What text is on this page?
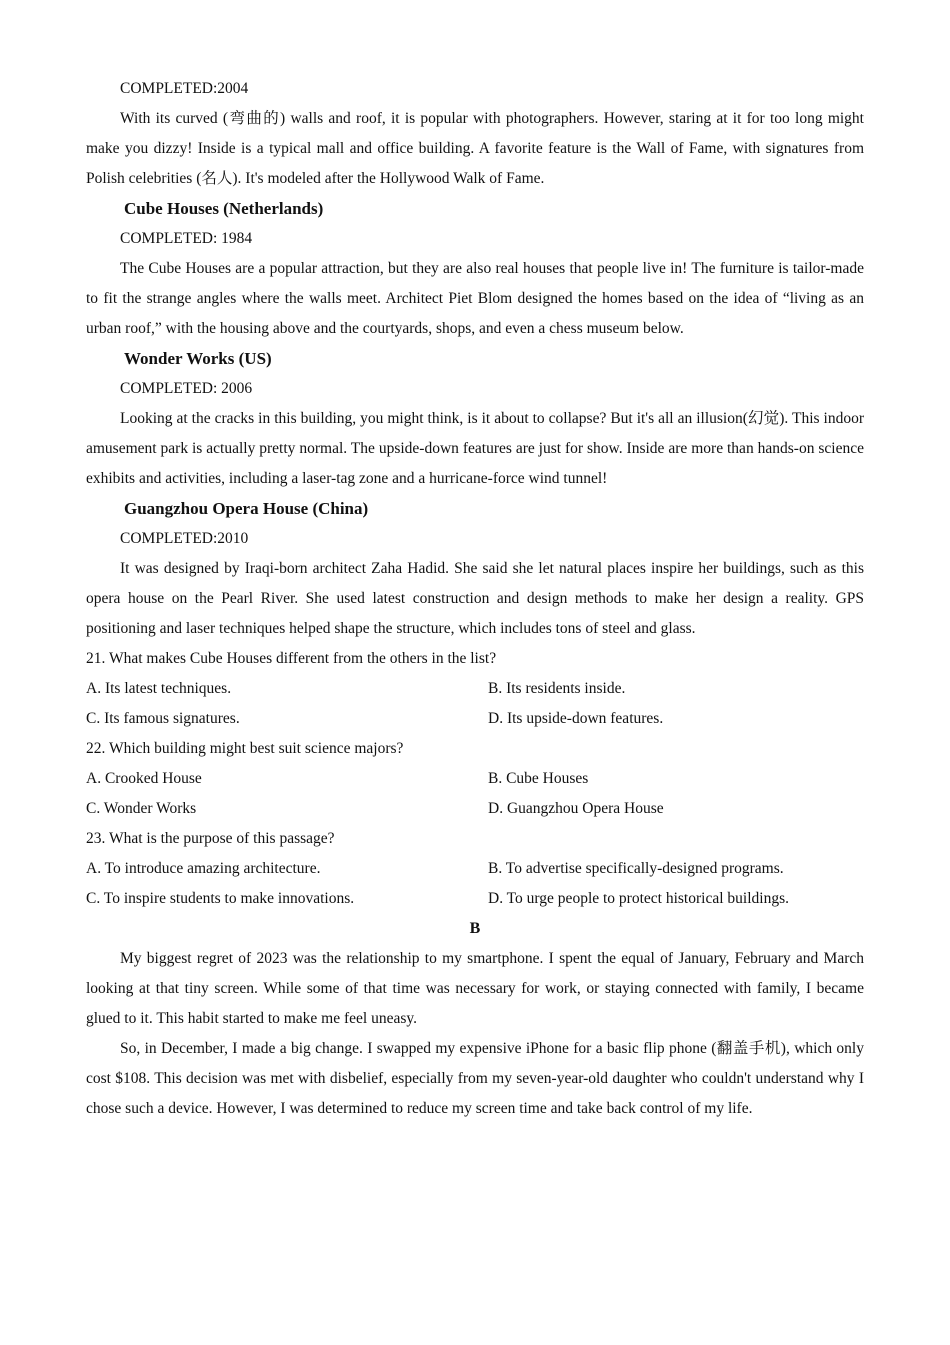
COMPLETED:2004
With its curved (弯曲的) walls and roof, it is popular with photographers. However, staring at it for too long might make you dizzy! Inside is a typical mall and office building. A favorite feature is the Wall of Fame, with signatures from Polish celebrities (名人). It's modeled after the Hollywood Walk of Fame.
Cube Houses (Netherlands)
COMPLETED: 1984
The Cube Houses are a popular attraction, but they are also real houses that people live in! The furniture is tailor-made to fit the strange angles where the walls meet. Architect Piet Blom designed the homes based on the idea of “living as an urban roof,” with the housing above and the courtyards, shops, and even a chess museum below.
Wonder Works (US)
COMPLETED: 2006
Looking at the cracks in this building, you might think, is it about to collapse? But it's all an illusion(幻觉). This indoor amusement park is actually pretty normal. The upside-down features are just for show. Inside are more than hands-on science exhibits and activities, including a laser-tag zone and a hurricane-force wind tunnel!
Guangzhou Opera House (China)
COMPLETED:2010
It was designed by Iraqi-born architect Zaha Hadid. She said she let natural places inspire her buildings, such as this opera house on the Pearl River. She used latest construction and design methods to make her design a reality. GPS positioning and laser techniques helped shape the structure, which includes tons of steel and glass.
21. What makes Cube Houses different from the others in the list?
A. Its latest techniques.	B. Its residents inside.
C. Its famous signatures.	D. Its upside-down features.
22. Which building might best suit science majors?
A. Crooked House	B. Cube Houses
C. Wonder Works	D. Guangzhou Opera House
23. What is the purpose of this passage?
A. To introduce amazing architecture.	B. To advertise specifically-designed programs.
C. To inspire students to make innovations.	D. To urge people to protect historical buildings.
B
My biggest regret of 2023 was the relationship to my smartphone. I spent the equal of January, February and March looking at that tiny screen. While some of that time was necessary for work, or staying connected with family, I became glued to it. This habit started to make me feel uneasy.
So, in December, I made a big change. I swapped my expensive iPhone for a basic flip phone (翻盖手机), which only cost $108. This decision was met with disbelief, especially from my seven-year-old daughter who couldn't understand why I chose such a device. However, I was determined to reduce my screen time and take back control of my life.
